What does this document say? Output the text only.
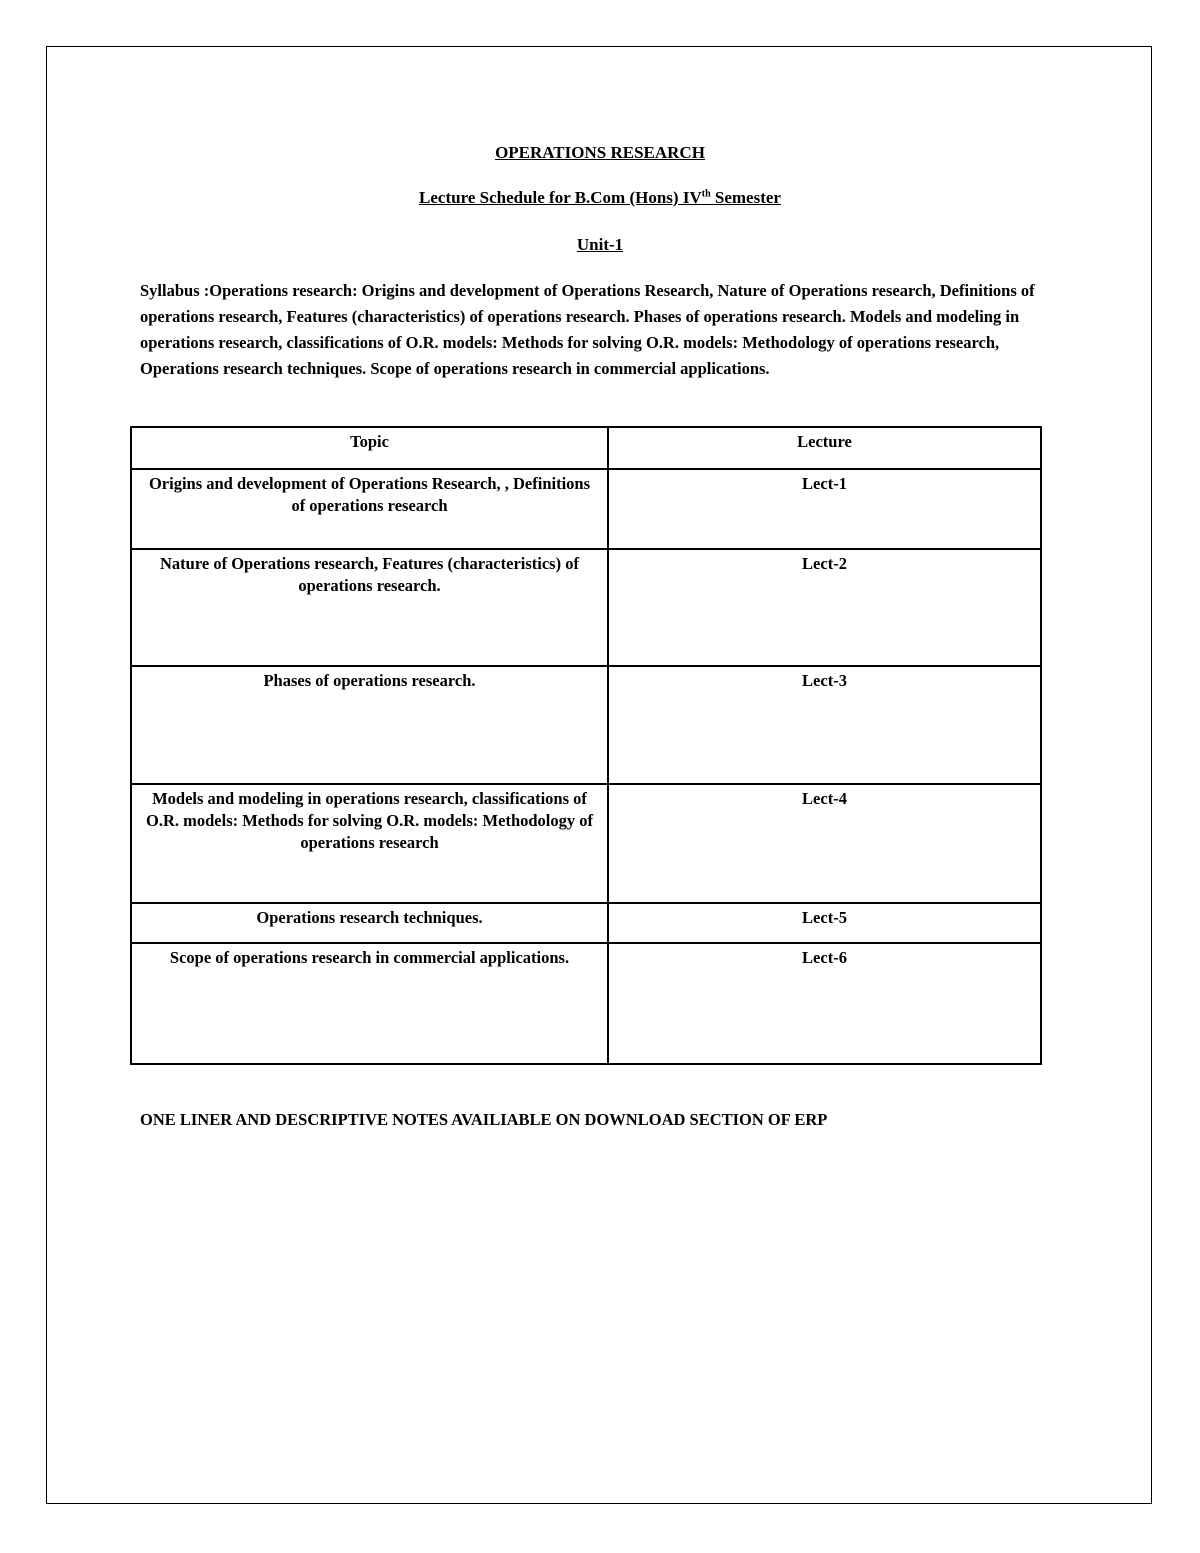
OPERATIONS RESEARCH
Lecture Schedule for B.Com (Hons) IVth Semester
Unit-1
Syllabus :Operations research: Origins and development of Operations Research, Nature of Operations research, Definitions of operations research, Features (characteristics) of operations research. Phases of operations research. Models and modeling in operations research, classifications of O.R. models: Methods for solving O.R. models: Methodology of operations research, Operations research techniques. Scope of operations research in commercial applications.
Topic	Lecture
Origins and development of Operations Research, , Definitions of operations research	Lect-1
Nature of Operations research, Features (characteristics) of operations research.	Lect-2
Phases of operations research.	Lect-3
Models and modeling in operations research, classifications of O.R. models: Methods for solving O.R. models: Methodology of operations research	Lect-4
Operations research techniques.	Lect-5
Scope of operations research in commercial applications.	Lect-6
ONE LINER AND DESCRIPTIVE NOTES AVAILIABLE ON DOWNLOAD SECTION OF ERP
